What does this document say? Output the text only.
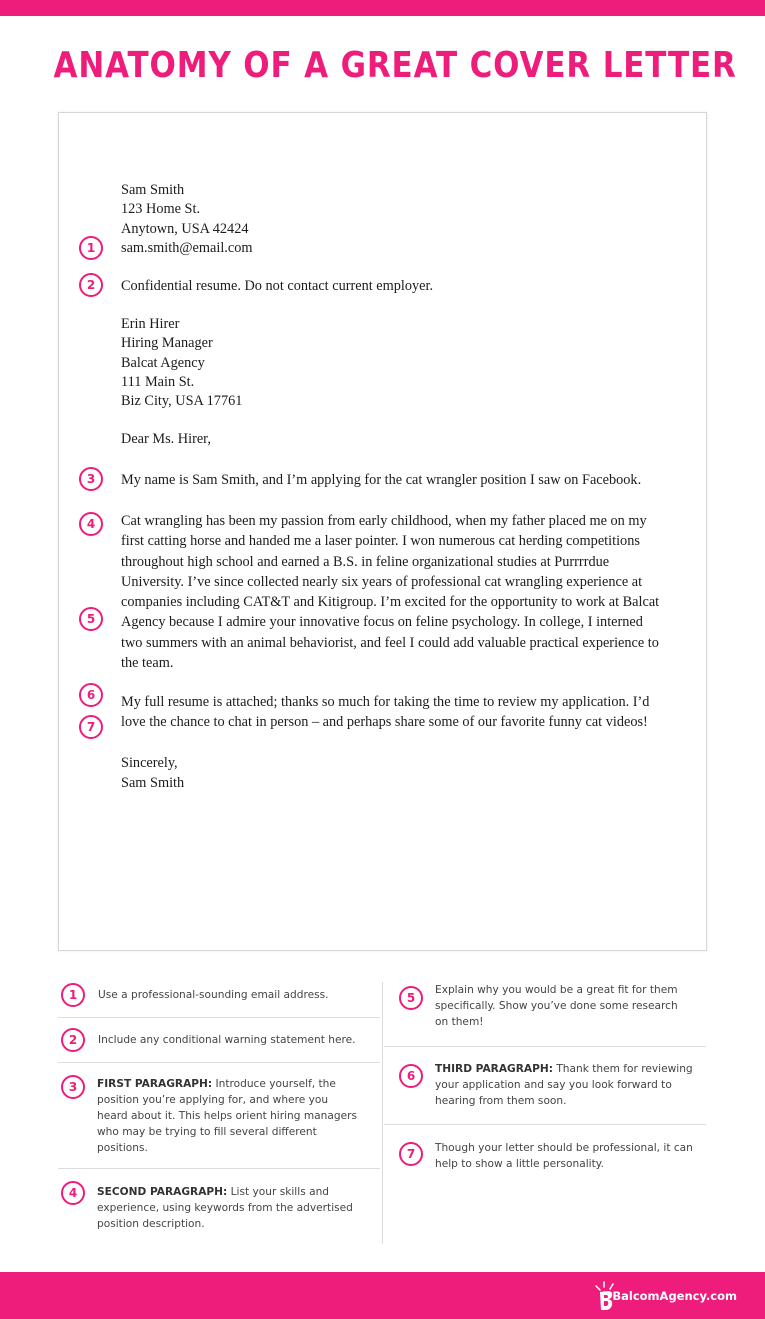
ANATOMY OF A GREAT COVER LETTER
Sam Smith
123 Home St.
Anytown, USA 42424
sam.smith@email.com
Confidential resume. Do not contact current employer.
Erin Hirer
Hiring Manager
Balcat Agency
111 Main St.
Biz City, USA 17761
Dear Ms. Hirer,
My name is Sam Smith, and I’m applying for the cat wrangler position I saw on Facebook.
Cat wrangling has been my passion from early childhood, when my father placed me on my
first catting horse and handed me a laser pointer. I won numerous cat herding competitions
throughout high school and earned a B.S. in feline organizational studies at Purrrrdue
University. I’ve since collected nearly six years of professional cat wrangling experience at
companies including CAT&T and Kitigroup. I’m excited for the opportunity to work at Balcat
Agency because I admire your innovative focus on feline psychology. In college, I interned
two summers with an animal behaviorist, and feel I could add valuable practical experience to
the team.
My full resume is attached; thanks so much for taking the time to review my application. I’d
love the chance to chat in person – and perhaps share some of our favorite funny cat videos!
Sincerely,
Sam Smith
1
2
3
4
5
6
7
1	Use a professional-sounding email address.
2	Include any conditional warning statement here.
3	FIRST PARAGRAPH: Introduce yourself, the
position you’re applying for, and where you
heard about it. This helps orient hiring managers
who may be trying to fill several different
positions.
4	SECOND PARAGRAPH: List your skills and
experience, using keywords from the advertised
position description.
5
Explain why you would be a great fit for them
specifically. Show you’ve done some research
on them!
6	THIRD PARAGRAPH: Thank them for reviewing
your application and say you look forward to
hearing from them soon.
7	Though your letter should be professional, it can
help to show a little personality.
BalcomAgency.com
